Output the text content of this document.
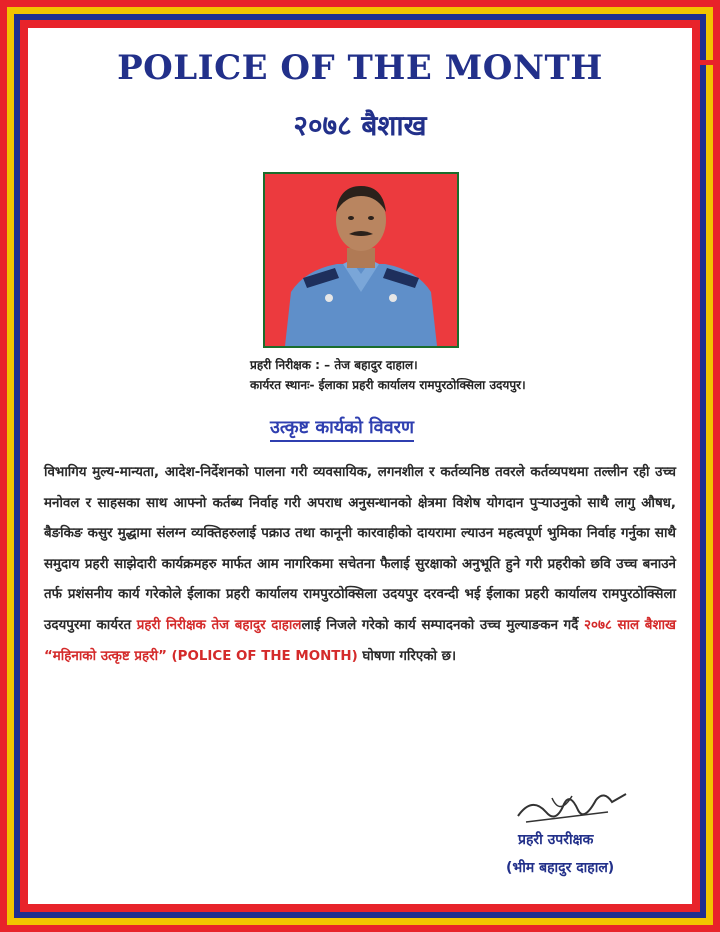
POLICE OF THE MONTH
२०७८ बैशाख
प्रहरी निरीक्षक : – तेज बहादुर दाहाल।
कार्यरत स्थानः- ईलाका प्रहरी कार्यालय रामपुरठोक्सिला उदयपुर।
उत्कृष्ट कार्यको विवरण
विभागिय मुल्य-मान्यता, आदेश-निर्देशनको पालना गरी व्यवसायिक, लगनशील र कर्तव्यनिष्ठ तवरले कर्तव्यपथमा तल्लीन रही उच्च मनोवल र साहसका साथ आफ्नो कर्तब्य निर्वाह गरी अपराध अनुसन्धानको क्षेत्रमा विशेष योगदान पुर्‍याउनुको साथै लागु औषध, बैङकिङ कसुर मुद्धामा संलग्न व्यक्तिहरुलाई पक्राउ तथा कानूनी कारवाहीको दायरामा ल्याउन महत्वपूर्ण भुमिका निर्वाह गर्नुका साथै समुदाय प्रहरी साझेदारी कार्यक्रमहरु मार्फत आम नागरिकमा सचेतना फैलाई सुरक्षाको अनुभूति हुने गरी प्रहरीको छवि उच्च बनाउने तर्फ प्रशंसनीय कार्य गरेकोले ईलाका प्रहरी कार्यालय रामपुरठोक्सिला उदयपुर दरवन्दी भई ईलाका प्रहरी कार्यालय रामपुरठोक्सिला उदयपुरमा कार्यरत प्रहरी निरीक्षक तेज बहादुर दाहाललाई निजले गरेको कार्य सम्पादनको उच्च मुल्याङकन गर्दै २०७८ साल बैशाख “महिनाको उत्कृष्ट प्रहरी” (POLICE OF THE MONTH) घोषणा गरिएको छ।
प्रहरी उपरीक्षक
(भीम बहादुर दाहाल)
